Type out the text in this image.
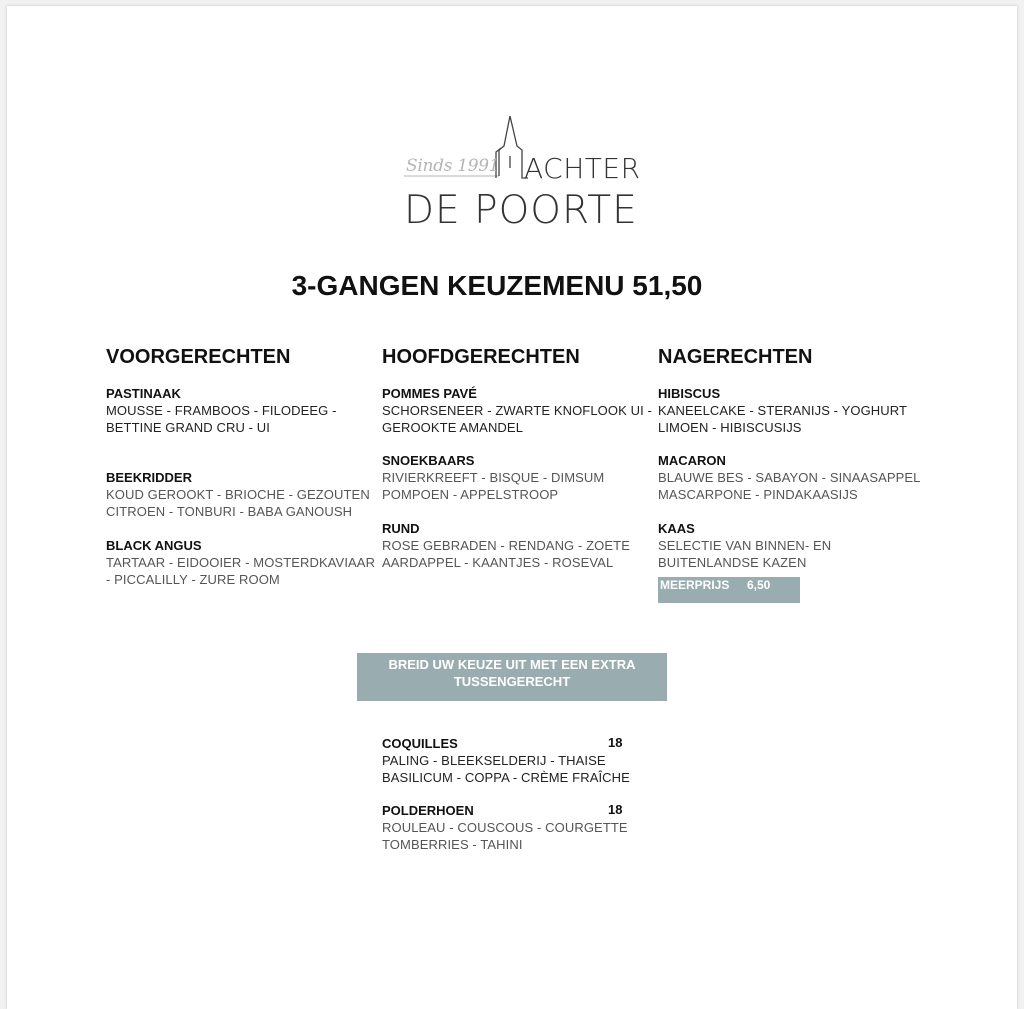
Sinds 1991 ACHTER
DE POORTE
3-GANGEN KEUZEMENU 51,50
VOORGERECHTEN	HOOFDGERECHTEN	NAGERECHTEN
PASTINAAK
MOUSSE - FRAMBOOS - FILODEEG - BETTINE GRAND CRU - UI
BEEKRIDDER
KOUD GEROOKT - BRIOCHE - GEZOUTEN CITROEN - TONBURI - BABA GANOUSH
BLACK ANGUS
TARTAAR - EIDOOIER - MOSTERDKAVIAAR - PICCALILLY - ZURE ROOM
POMMES PAVÉ
SCHORSENEER - ZWARTE KNOFLOOK UI - GEROOKTE AMANDEL
SNOEKBAARS
RIVIERKREEFT - BISQUE - DIMSUM POMPOEN - APPELSTROOP
RUND
ROSE GEBRADEN - RENDANG - ZOETE AARDAPPEL - KAANTJES - ROSEVAL
HIBISCUS
KANEELCAKE - STERANIJS - YOGHURT LIMOEN - HIBISCUSIJS
MACARON
BLAUWE BES - SABAYON - SINAASAPPEL MASCARPONE - PINDAKAASIJS
KAAS
SELECTIE VAN BINNEN- EN BUITENLANDSE KAZEN
MEERPRIJS 6,50
BREID UW KEUZE UIT MET EEN EXTRA TUSSENGERECHT
COQUILLES	18
PALING - BLEEKSELDERIJ - THAISE BASILICUM - COPPA - CRÈME FRAÎCHE
POLDERHOEN	18
ROULEAU - COUSCOUS - COURGETTE TOMBERRIES - TAHINI
